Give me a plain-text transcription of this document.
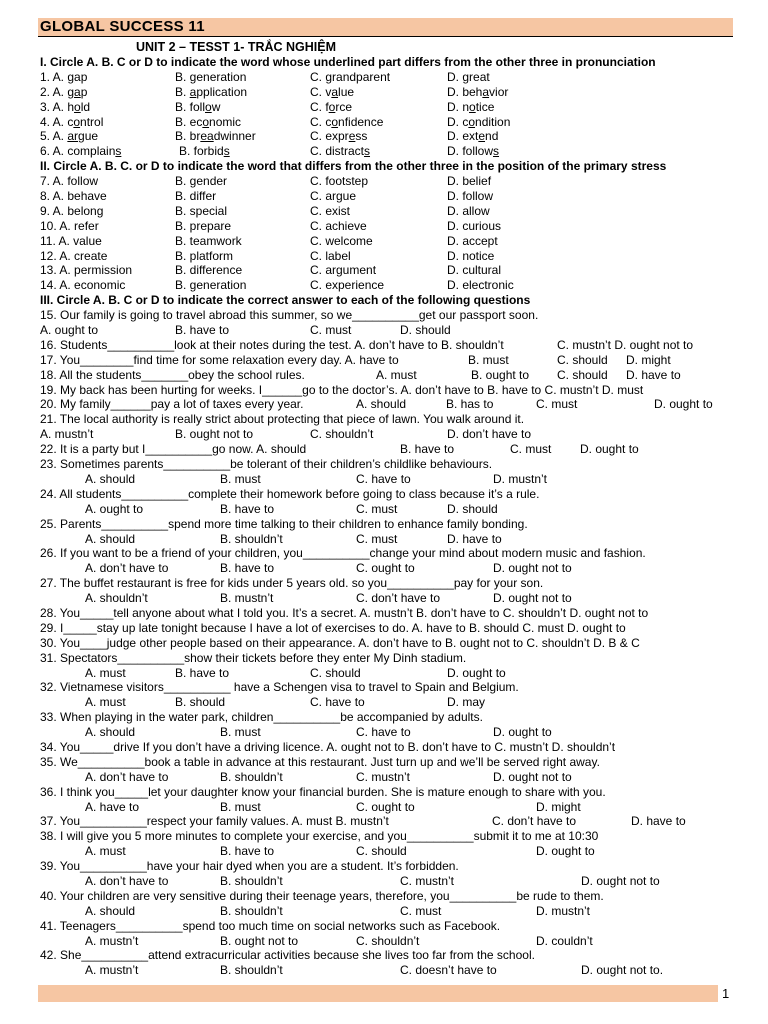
GLOBAL SUCCESS 11
UNIT 2 – TESST 1- TRẮC NGHIỆM
I. Circle A. B. C or D to indicate the word whose underlined part differs from the other three in pronunciation
1. A. gap	B. generation	C. grandparent	D. great
2. A. gap	B. application	C. value	D. behavior
3. A. hold	B. follow	C. force	D. notice
4. A. control	B. economic	C. confidence	D. condition
5. A. argue	B. breadwinner	C. express	D. extend
6. A. complains	B. forbids	C. distracts	D. follows
II. Circle A. B. C. or D to indicate the word that differs from the other three in the position of the primary stress
7. A. follow	B. gender	C. footstep	D. belief
8. A. behave	B. differ	C. argue	D. follow
9. A. belong	B. special	C. exist	D. allow
10. A. refer	B. prepare	C. achieve	D. curious
11. A. value	B. teamwork	C. welcome	D. accept
12. A. create	B. platform	C. label	D. notice
13. A. permission	B. difference	C. argument	D. cultural
14. A. economic	B. generation	C. experience	D. electronic
III. Circle A. B. C or D to indicate the correct answer to each of the following questions
15. Our family is going to travel abroad this summer, so we__________get our passport soon.
A. ought to	B. have to	C. must	D. should
16. Students__________look at their notes during the test. A. don’t have to B. shouldn’t	C. mustn’t D. ought not to
17. You________find time for some relaxation every day. A. have to	B. must	C. should D. might
18. All the students_______obey the school rules.	A. must	B. ought to C. should D. have to
19. My back has been hurting for weeks. I______go to the doctor’s. A. don’t have to B. have to C. mustn’t D. must
20. My family______pay a lot of taxes every year.	A. should	B. has to	C. must	D. ought to
21. The local authority is really strict about protecting that piece of lawn. You walk around it.
A. mustn’t	B. ought not to	C. shouldn’t	D. don’t have to
22. It is a party but I__________go now. A. should	B. have to	C. must D. ought to
23. Sometimes parents__________be tolerant of their children’s childlike behaviours.
A. should	B. must	C. have to	D. mustn’t
24. All students__________complete their homework before going to class because it’s a rule.
A. ought to	B. have to	C. must	D. should
25. Parents__________spend more time talking to their children to enhance family bonding.
A. should	B. shouldn’t	C. must	D. have to
26. If you want to be a friend of your children, you__________change your mind about modern music and fashion.
A. don’t have to	B. have to	C. ought to	D. ought not to
27. The buffet restaurant is free for kids under 5 years old. so you__________pay for your son.
A. shouldn’t	B. mustn’t	C. don’t have to	D. ought not to
28. You_____tell anyone about what I told you. It’s a secret. A. mustn’t B. don’t have to C. shouldn’t D. ought not to
29. I_____stay up late tonight because I have a lot of exercises to do. A. have to B. should C. must D. ought to
30. You____judge other people based on their appearance. A. don’t have to B. ought not to C. shouldn’t D. B & C
31. Spectators__________show their tickets before they enter My Dinh stadium.
A. must	B. have to	C. should	D. ought to
32. Vietnamese visitors__________ have a Schengen visa to travel to Spain and Belgium.
A. must	B. should	C. have to	D. may
33. When playing in the water park, children__________be accompanied by adults.
A. should	B. must	C. have to	D. ought to
34. You_____drive If you don’t have a driving licence. A. ought not to B. don’t have to C. mustn’t D. shouldn’t
35. We__________book a table in advance at this restaurant. Just turn up and we’ll be served right away.
A. don’t have to	B. shouldn’t	C. mustn’t	D. ought not to
36. I think you_____let your daughter know your financial burden. She is mature enough to share with you.
A. have to	B. must	C. ought to	D. might
37. You__________respect your family values. A. must B. mustn’t	C. don’t have to	D. have to
38. I will give you 5 more minutes to complete your exercise, and you__________submit it to me at 10:30
A. must	B. have to	C. should	D. ought to
39. You__________have your hair dyed when you are a student. It’s forbidden.
A. don’t have to	B. shouldn’t	C. mustn’t	D. ought not to
40. Your children are very sensitive during their teenage years, therefore, you__________be rude to them.
A. should	B. shouldn’t	C. must	D. mustn’t
41. Teenagers__________spend too much time on social networks such as Facebook.
A. mustn’t	B. ought not to	C. shouldn’t	D. couldn’t
42. She__________attend extracurricular activities because she lives too far from the school.
A. mustn’t	B. shouldn’t	C. doesn’t have to	D. ought not to.
1
